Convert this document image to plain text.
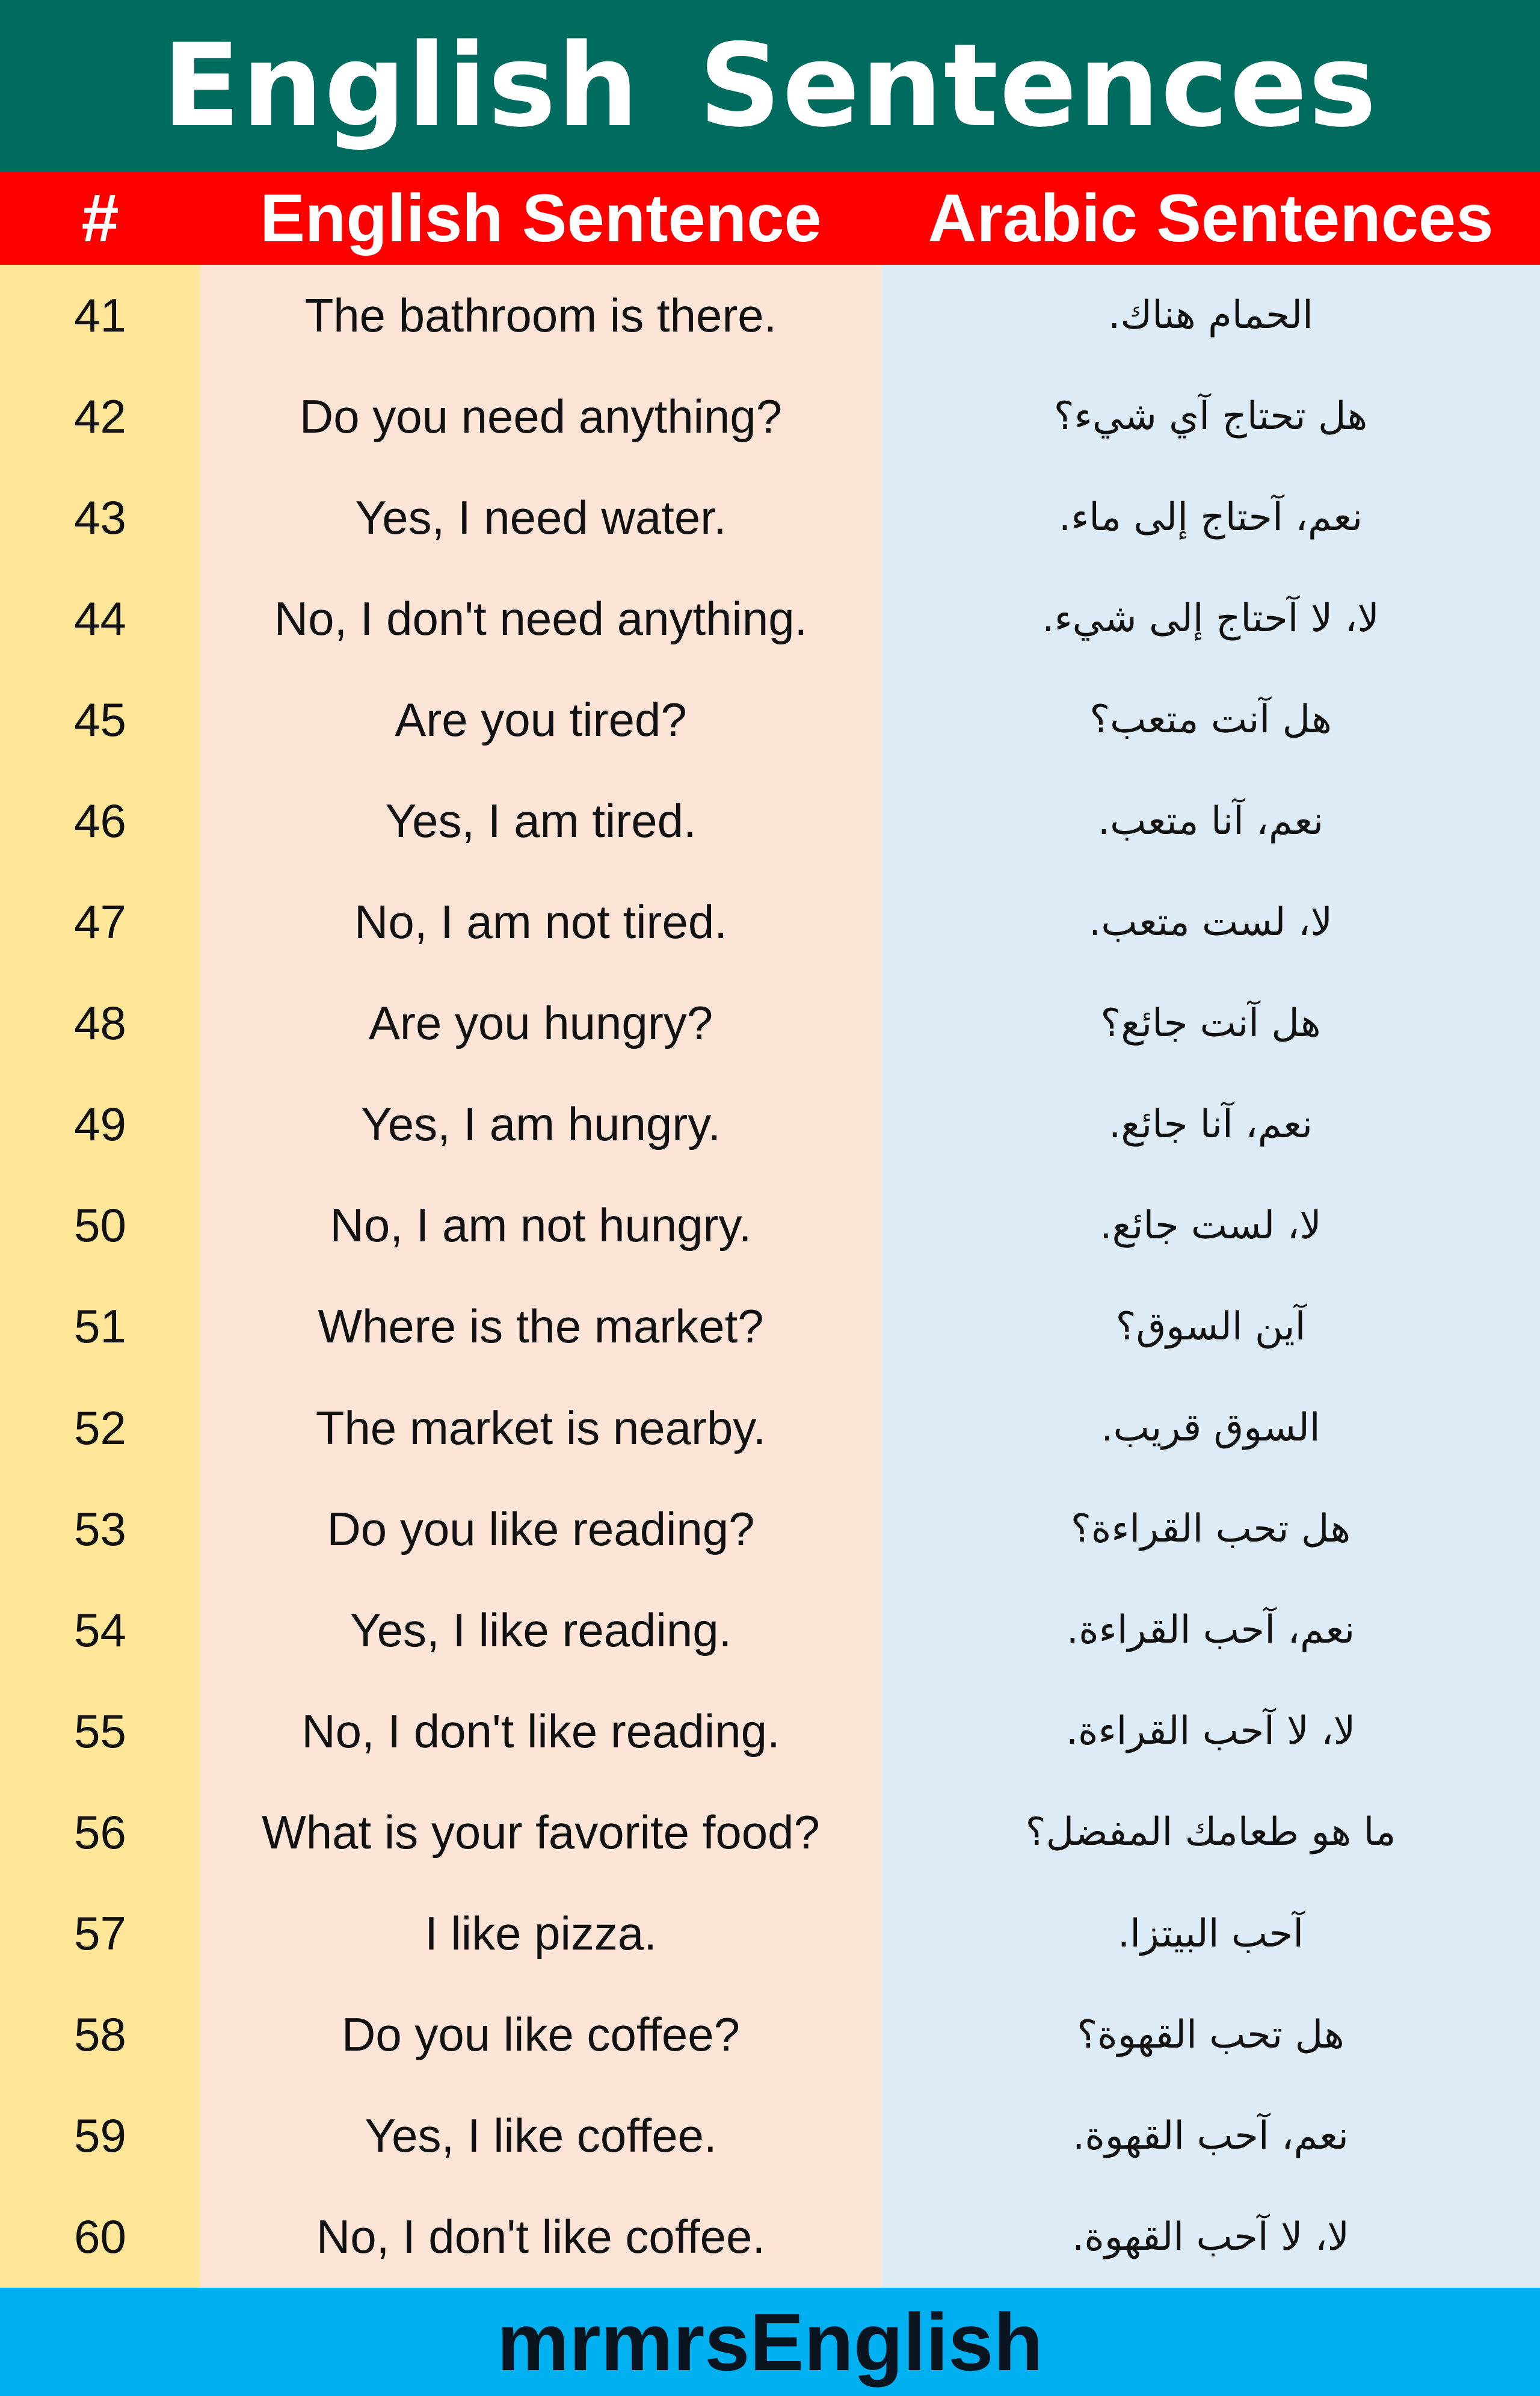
English Sentences
#	English Sentence	Arabic Sentences
41
42
43
44
45
46
47
48
49
50
51
52
53
54
55
56
57
58
59
60
The bathroom is there.
Do you need anything?
Yes, I need water.
No, I don't need anything.
Are you tired?
Yes, I am tired.
No, I am not tired.
Are you hungry?
Yes, I am hungry.
No, I am not hungry.
Where is the market?
The market is nearby.
Do you like reading?
Yes, I like reading.
No, I don't like reading.
What is your favorite food?
I like pizza.
Do you like coffee?
Yes, I like coffee.
No, I don't like coffee.
الحمام هناك.
هل تحتاج آي شيء؟
نعم، آحتاج إلى ماء.
لا، لا آحتاج إلى شيء.
هل آنت متعب؟
نعم، آنا متعب.
لا، لست متعب.
هل آنت جائع؟
نعم، آنا جائع.
لا، لست جائع.
آين السوق؟
السوق قريب.
هل تحب القراءة؟
نعم، آحب القراءة.
لا، لا آحب القراءة.
ما هو طعامك المفضل؟
آحب البيتزا.
هل تحب القهوة؟
نعم، آحب القهوة.
لا، لا آحب القهوة.
mrmrsEnglish
